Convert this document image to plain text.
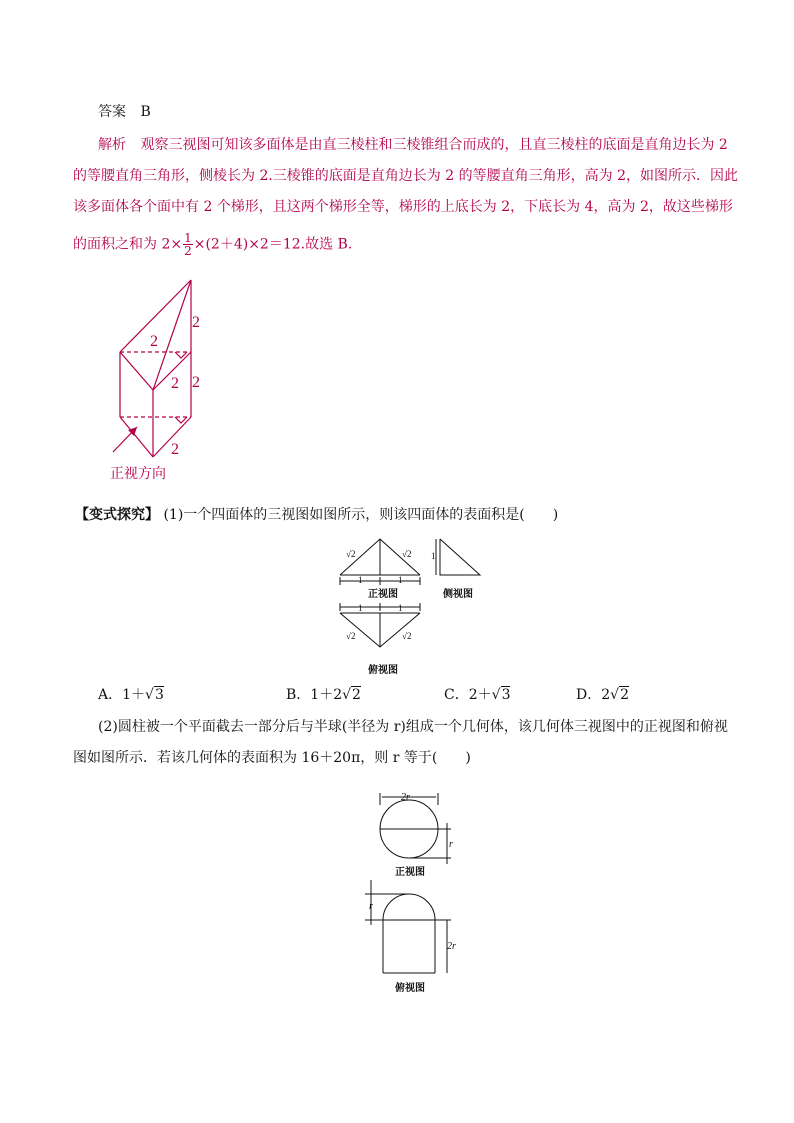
答案 B
解析 观察三视图可知该多面体是由直三棱柱和三棱锥组合而成的，且直三棱柱的底面是直角边长为 2
的等腰直角三角形，侧棱长为 2.三棱锥的底面是直角边长为 2 的等腰直角三角形，高为 2，如图所示．因此
该多面体各个面中有 2 个梯形，且这两个梯形全等，梯形的上底长为 2，下底长为 4，高为 2，故这些梯形
的面积之和为 $2\times \frac{1}{2} \times(2+4)\times 2=12$.故选 B.
2
2
2
2
2
正视方向
【变式探究】 (1)一个四面体的三视图如图所示，则该四面体的表面积是(　　)
√2	√2
1	1
1
1	1
√2	√2
正视图	侧视图
俯视图
A．1＋√3	B．1＋2√2	C．2＋√3	D．2√2
(2)圆柱被一个平面截去一部分后与半球(半径为 r)组成一个几何体，该几何体三视图中的正视图和俯视
图如图所示．若该几何体的表面积为 16＋20π，则 r 等于(　　)
2r
r
r
2r
正视图
俯视图
